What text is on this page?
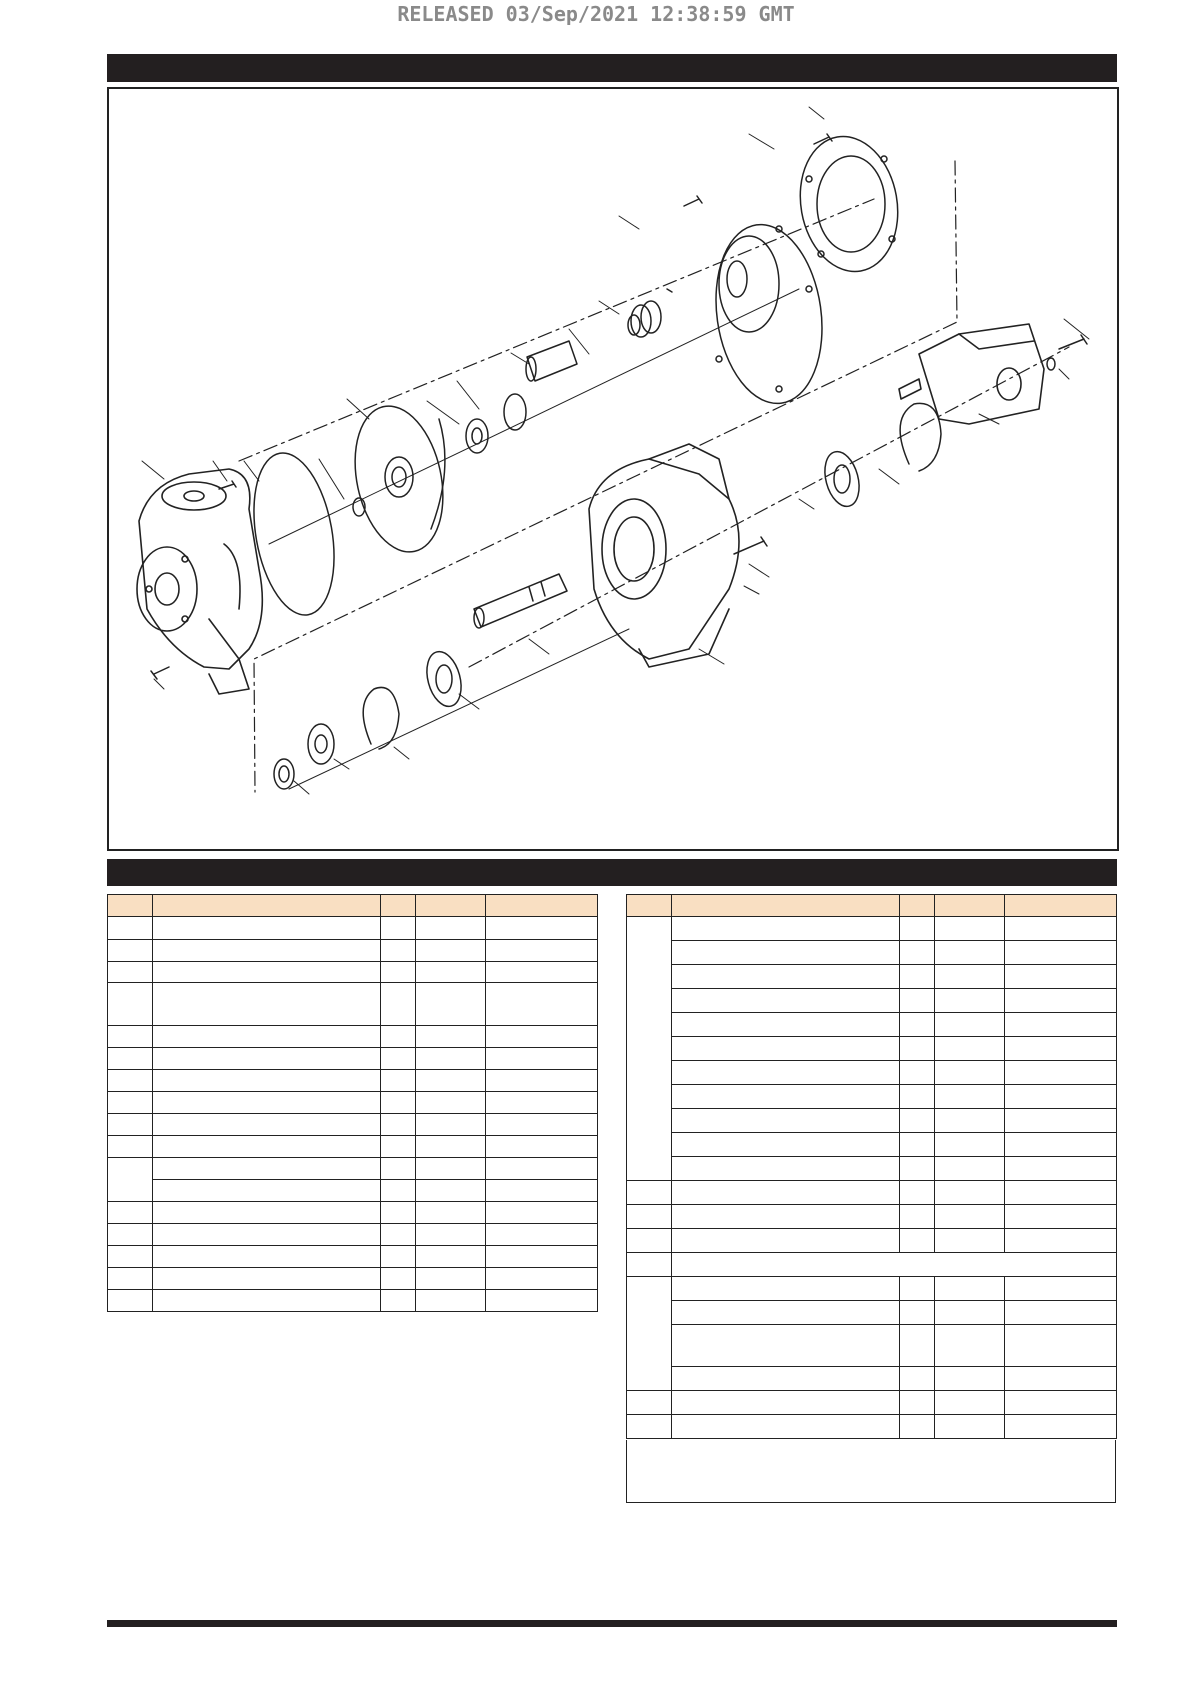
RELEASED 03/Sep/2021 12:38:59 GMT
